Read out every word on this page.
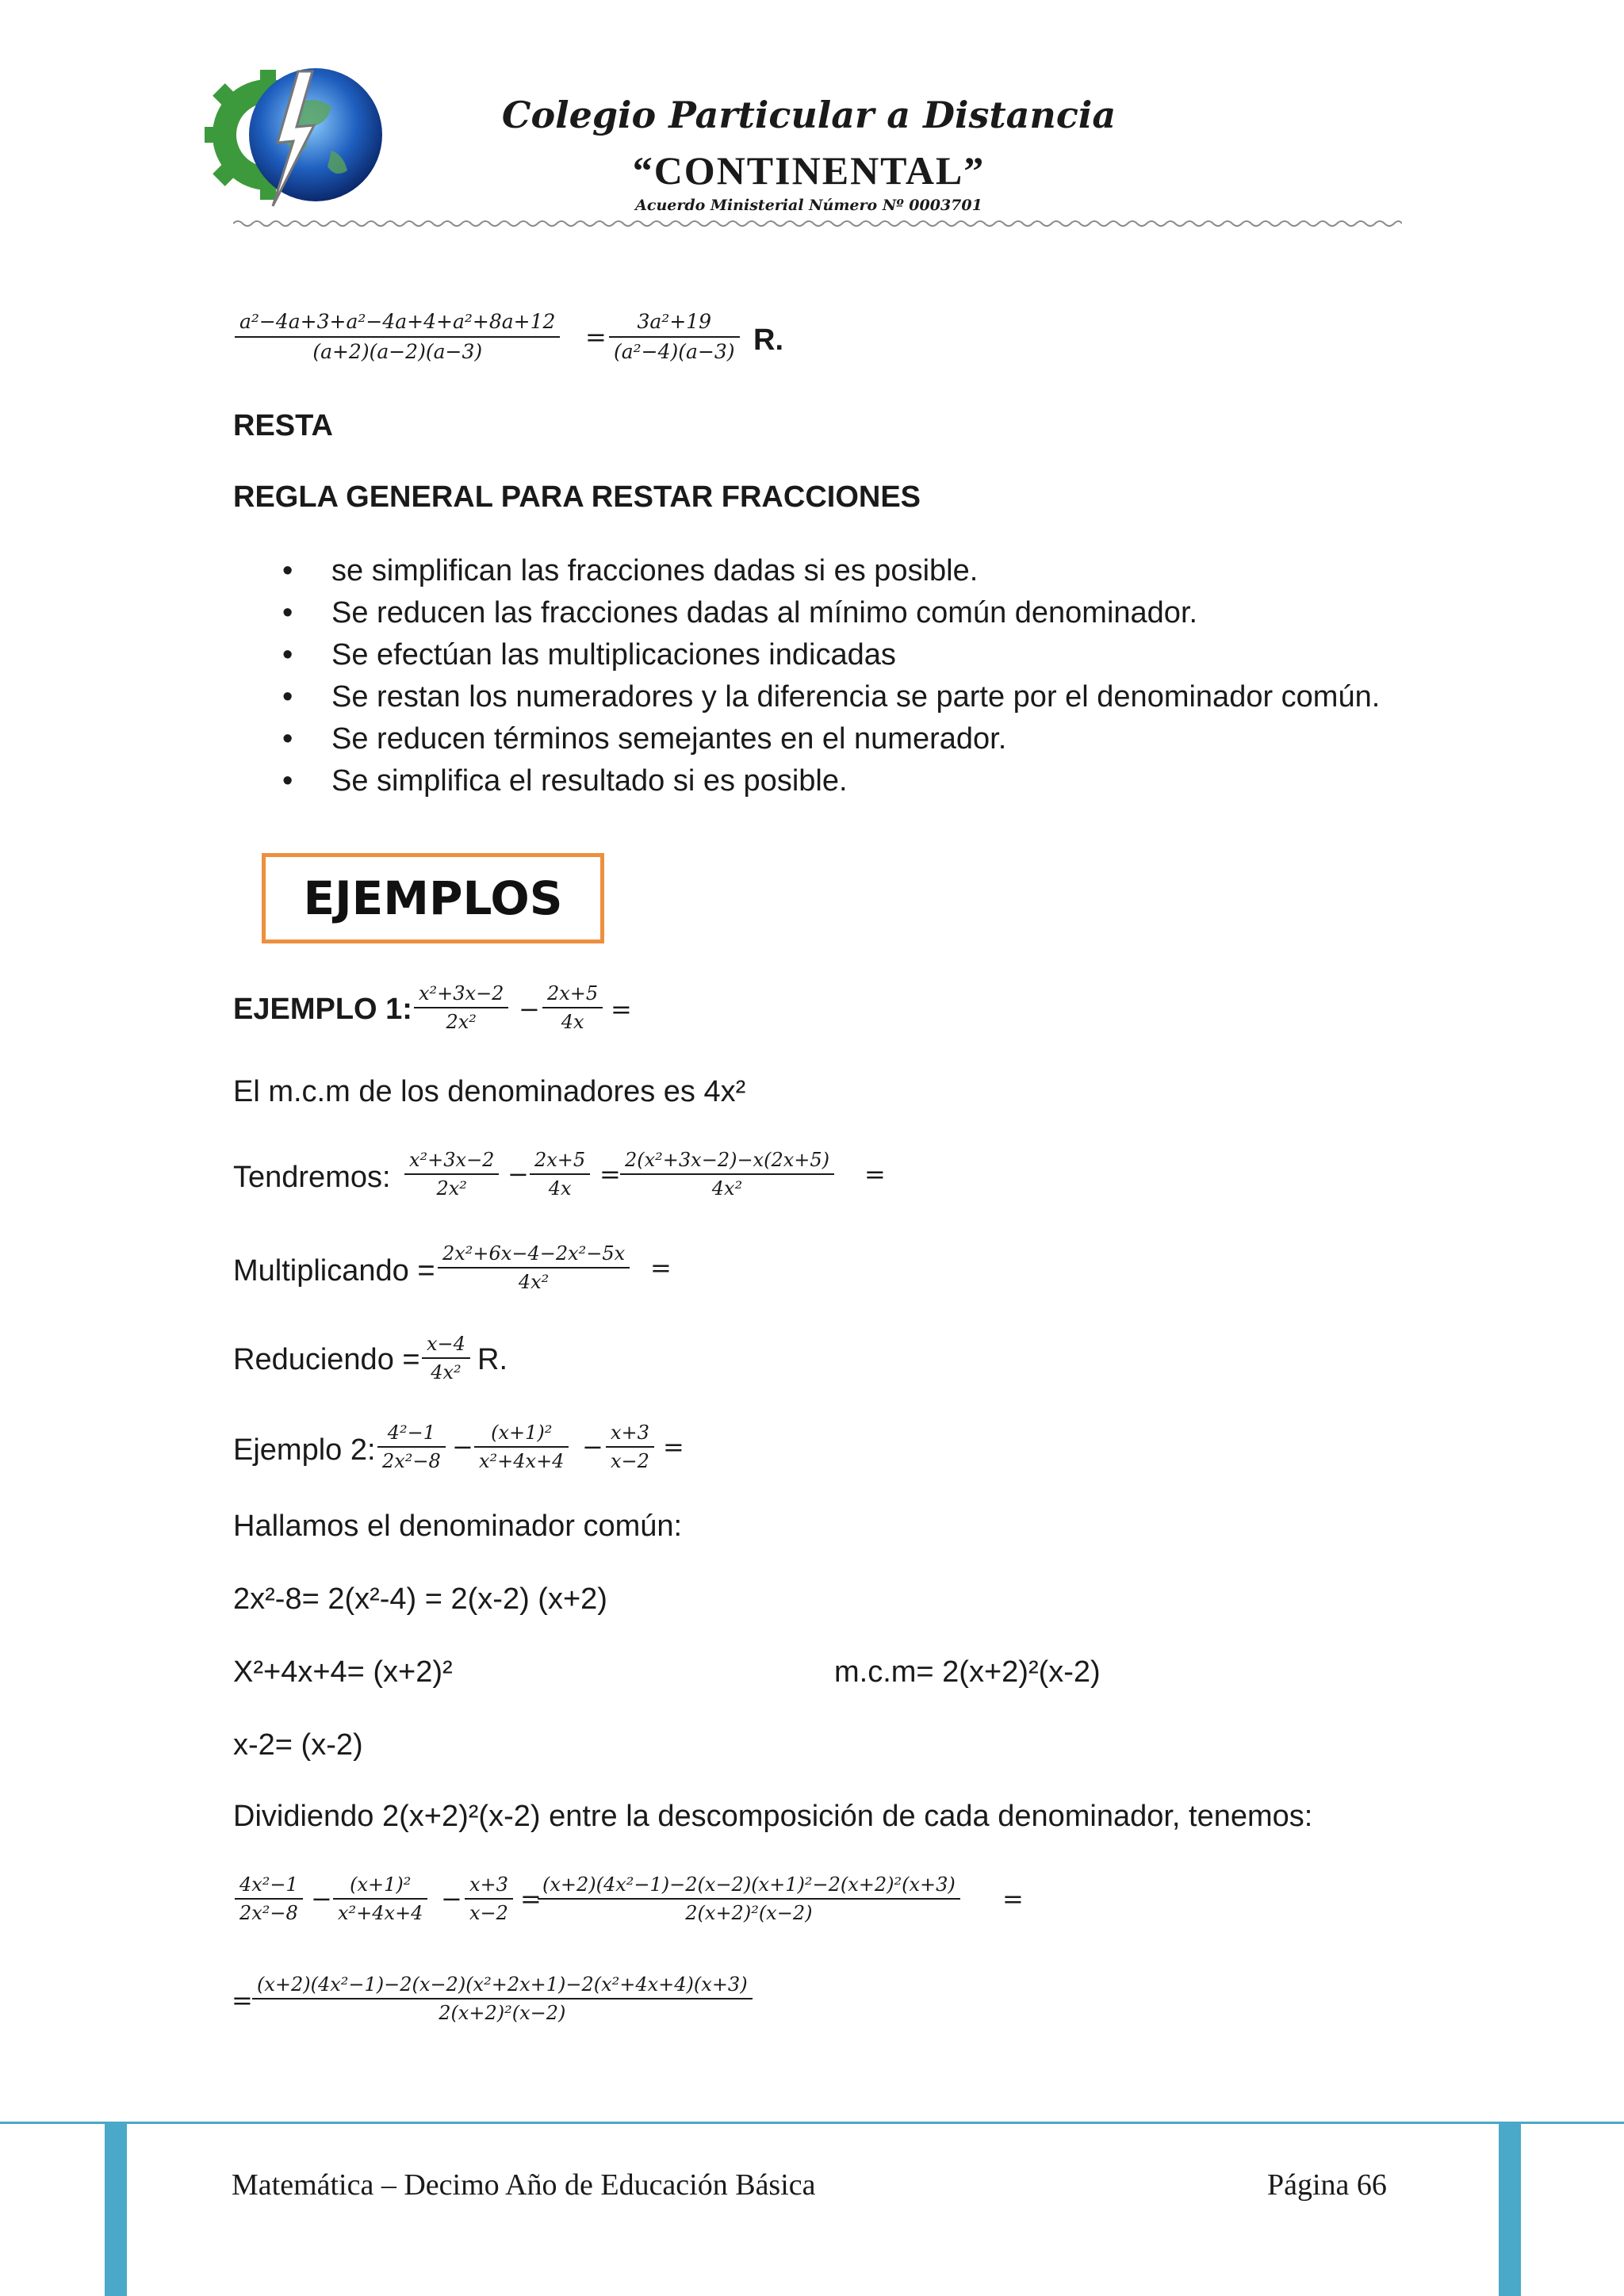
Colegio Particular a Distancia
“CONTINENTAL”
Acuerdo Ministerial Número Nº 0003701
a²−4a+3+a²−4a+4+a²+8a+12
(a+2)(a−2)(a−3)	=
3a²+19
(a²−4)(a−3) R.
RESTA
REGLA GENERAL PARA RESTAR FRACCIONES
• se simplifican las fracciones dadas si es posible.
• Se reducen las fracciones dadas al mínimo común denominador.
• Se efectúan las multiplicaciones indicadas
• Se restan los numeradores y la diferencia se parte por el denominador común.
• Se reducen términos semejantes en el numerador.
• Se simplifica el resultado si es posible.
EJEMPLOS
EJEMPLO 1: x²+3x−2
2x² −
2x+5
4x =
El m.c.m de los denominadores es 4x²
Tendremos:
x²+3x−2
2x² − 2x+5
4x = 2(x²+3x−2)−x(2x+5)
4x²	=
Multiplicando =
2x²+6x−4−2x²−5x
4x²	=
Reduciendo = x−4
4x² R.
Ejemplo 2:
4²−1
2x²−8 − (x+1)²
x²+4x+4 − x+3
x−2 =
Hallamos el denominador común:
2x²-8= 2(x²-4) = 2(x-2) (x+2)
X²+4x+4= (x+2)²	m.c.m= 2(x+2)²(x-2)
x-2= (x-2)
Dividiendo 2(x+2)²(x-2) entre la descomposición de cada denominador, tenemos:
4x²−1
2x²−8 − (x+1)²
x²+4x+4 − x+3
x−2 = (x+2)(4x²−1)−2(x−2)(x+1)²−2(x+2)²(x+3)
2(x+2)²(x−2)	=
=
(x+2)(4x²−1)−2(x−2)(x²+2x+1)−2(x²+4x+4)(x+3)
2(x+2)²(x−2)
Matemática – Decimo Año de Educación Básica	Página 66
